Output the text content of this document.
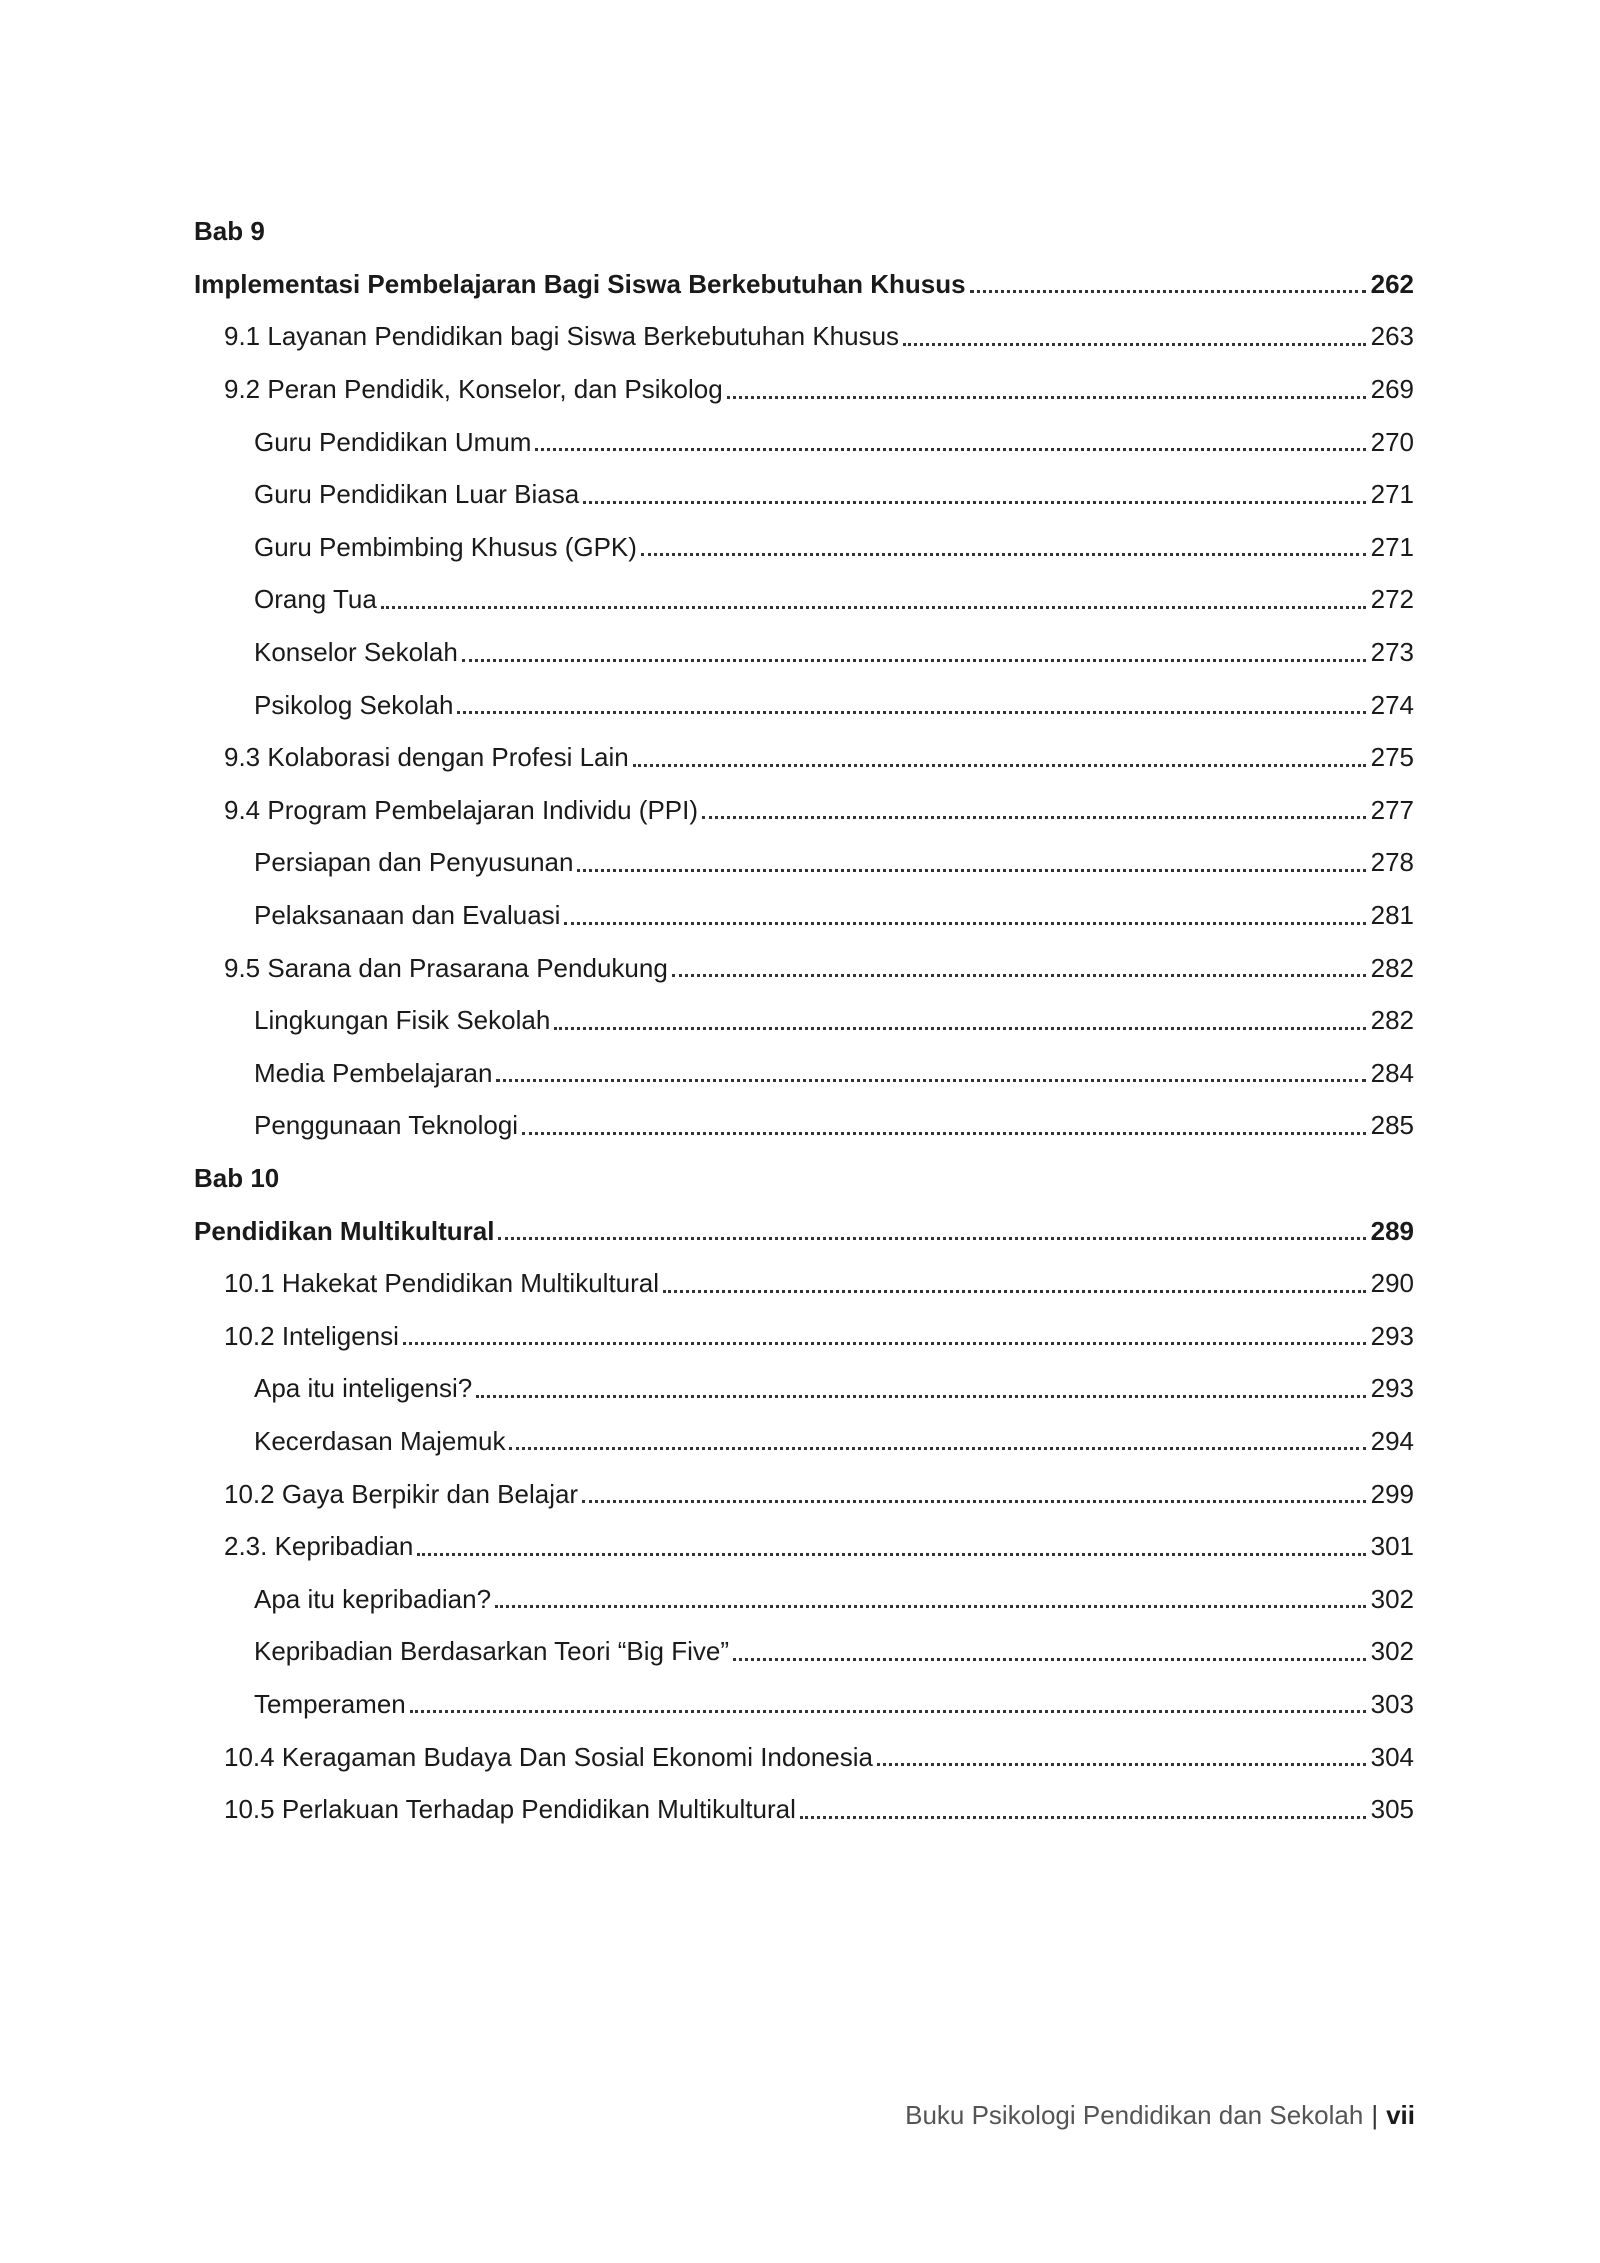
Bab 9
Implementasi Pembelajaran Bagi Siswa Berkebutuhan Khusus	262
9.1 Layanan Pendidikan bagi Siswa Berkebutuhan Khusus	263
9.2 Peran Pendidik, Konselor, dan Psikolog	269
Guru Pendidikan Umum	270
Guru Pendidikan Luar Biasa	271
Guru Pembimbing Khusus (GPK)	271
Orang Tua	272
Konselor Sekolah	273
Psikolog Sekolah	274
9.3 Kolaborasi dengan Profesi Lain	275
9.4 Program Pembelajaran Individu (PPI)	277
Persiapan dan Penyusunan	278
Pelaksanaan dan Evaluasi	281
9.5 Sarana dan Prasarana Pendukung	282
Lingkungan Fisik Sekolah	282
Media Pembelajaran	284
Penggunaan Teknologi	285
Bab 10
Pendidikan Multikultural	289
10.1 Hakekat Pendidikan Multikultural	290
10.2 Inteligensi	293
Apa itu inteligensi?	293
Kecerdasan Majemuk	294
10.2 Gaya Berpikir dan Belajar	299
2.3. Kepribadian	301
Apa itu kepribadian?	302
Kepribadian Berdasarkan Teori “Big Five”	302
Temperamen	303
10.4 Keragaman Budaya Dan Sosial Ekonomi Indonesia	304
10.5 Perlakuan Terhadap Pendidikan Multikultural	305
Buku Psikologi Pendidikan dan Sekolah | vii
